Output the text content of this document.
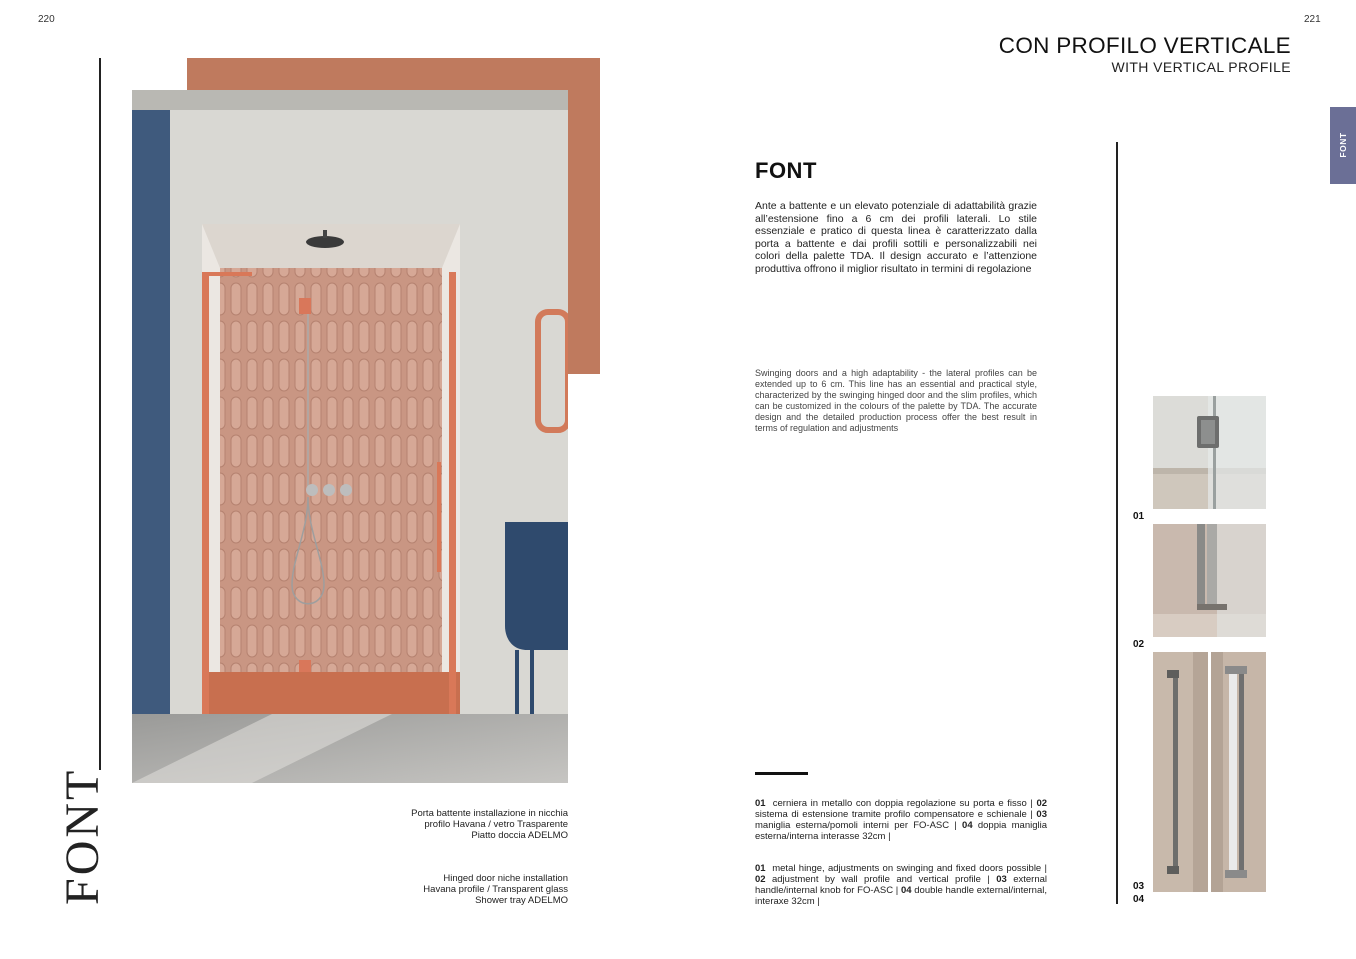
220
FONT	Porta battente installazione in nicchia
profilo Havana / vetro Trasparente
Piatto doccia ADELMO
Hinged door niche installation
Havana profile / Transparent glass
Shower tray ADELMO
221
CON PROFILO VERTICALE
WITH VERTICAL PROFILE
FONT
FONT
Ante a battente e un elevato potenziale di adattabilità grazie all’estensione fino a 6 cm dei profili laterali. Lo stile essenziale e pratico di questa linea è caratterizzato dalla porta a battente e dai profili sottili e personalizzabili nei colori della palette TDA. Il design accurato e l’attenzione produttiva offrono il miglior risultato in termini di regolazione
Swinging doors and a high adaptability - the lateral profiles can be extended up to 6 cm. This line has an essential and practical style, characterized by the swinging hinged door and the slim profiles, which can be customized in the colours of the palette by TDA. The accurate design and the detailed production process offer the best result in terms of regulation and adjustments
01 cerniera in metallo con doppia regolazione su porta e fisso | 02 sistema di estensione tramite profilo compensatore e schienale | 03 maniglia esterna/pomoli interni per FO-ASC | 04 doppia maniglia esterna/interna interasse 32cm |
01 metal hinge, adjustments on swinging and fixed doors possible | 02 adjustment by wall profile and vertical profile | 03 external handle/internal knob for FO-ASC | 04 double handle external/internal, interaxe 32cm |
01
02
03
04
